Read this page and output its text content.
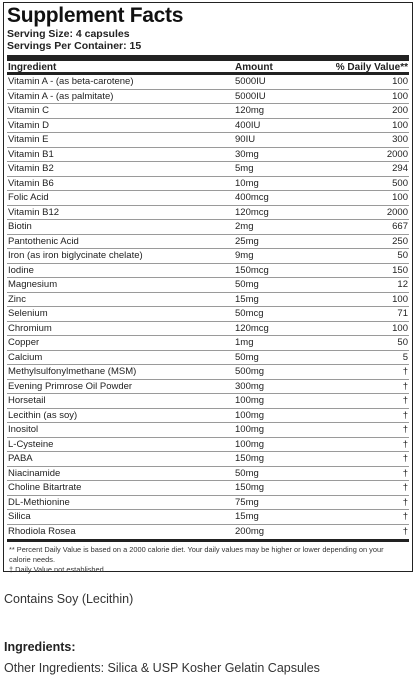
Supplement Facts
Serving Size: 4 capsules
Servings Per Container: 15
Ingredient	Amount	% Daily Value**
Vitamin A - (as beta-carotene)	5000IU	100
Vitamin A - (as palmitate)	5000IU	100
Vitamin C	120mg	200
Vitamin D	400IU	100
Vitamin E	90IU	300
Vitamin B1	30mg	2000
Vitamin B2	5mg	294
Vitamin B6	10mg	500
Folic Acid	400mcg	100
Vitamin B12	120mcg	2000
Biotin	2mg	667
Pantothenic Acid	25mg	250
Iron (as iron biglycinate chelate)	9mg	50
Iodine	150mcg	150
Magnesium	50mg	12
Zinc	15mg	100
Selenium	50mcg	71
Chromium	120mcg	100
Copper	1mg	50
Calcium	50mg	5
Methylsulfonylmethane (MSM)	500mg	†
Evening Primrose Oil Powder	300mg	†
Horsetail	100mg	†
Lecithin (as soy)	100mg	†
Inositol	100mg	†
L-Cysteine	100mg	†
PABA	150mg	†
Niacinamide	50mg	†
Choline Bitartrate	150mg	†
DL-Methionine	75mg	†
Silica	15mg	†
Rhodiola Rosea	200mg	†
** Percent Daily Value is based on a 2000 calorie diet. Your daily values may be higher or lower depending on your calorie needs.
† Daily Value not established.
Contains Soy (Lecithin)
Ingredients:
Other Ingredients: Silica & USP Kosher Gelatin Capsules
